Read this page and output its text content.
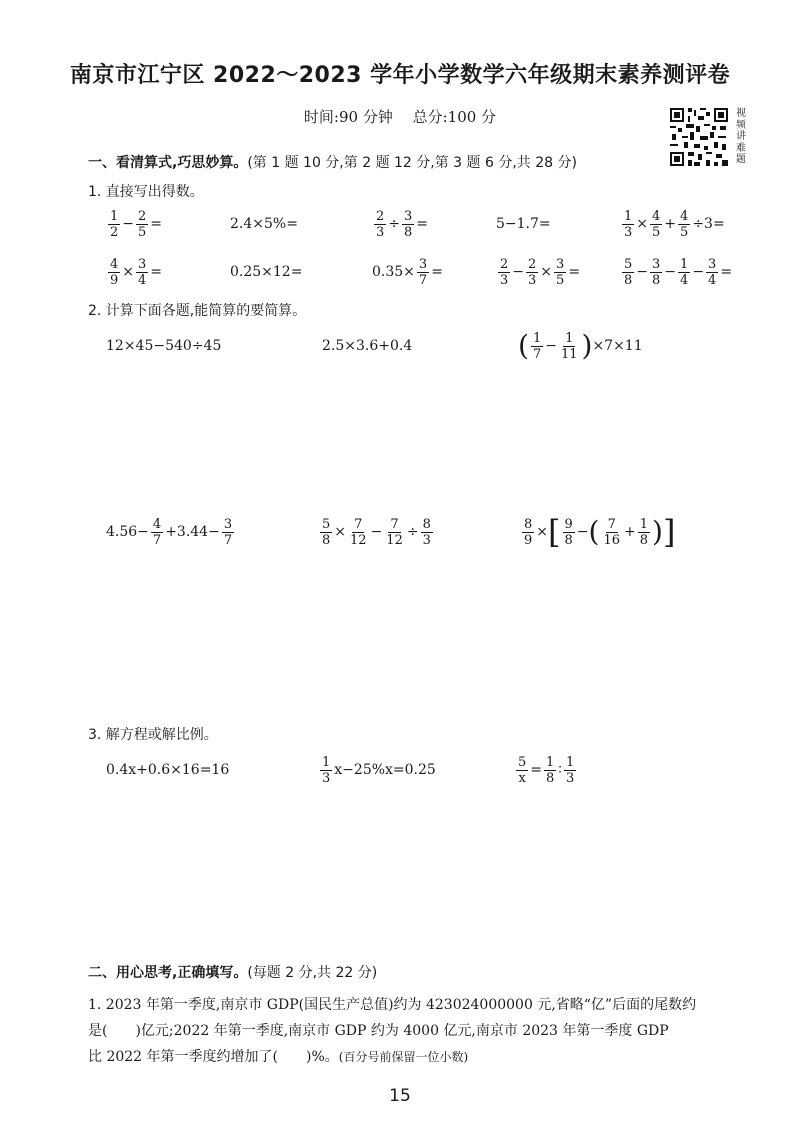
南京市江宁区 2022～2023 学年小学数学六年级期末素养测评卷
时间:90 分钟　 总分:100 分	视频讲难题
一、看清算式,巧思妙算。(第 1 题 10 分,第 2 题 12 分,第 3 题 6 分,共 28 分)
1. 直接写出得数。
$\frac{1}{2} - \frac{2}{5}$ =	2.4×5%=	$\frac{2}{3} \div \frac{3}{8}$ =	5−1.7=	$\frac{1}{3} \times \frac{4}{5} + \frac{4}{5} \div 3=$
$\frac{4}{9} \times \frac{3}{4}$ =	0.25×12=	$0.35\times \frac{3}{7}$ =	$\frac{2}{3} - \frac{2}{3} \times \frac{3}{5}$ =	$\frac{5}{8} - \frac{3}{8} - \frac{1}{4} - \frac{3}{4}$ =
2. 计算下面各题,能简算的要简算。
12×45−540÷45	2.5×3.6+0.4	( $\frac{1}{7} - \frac{1}{11}$ ) ×7×11
$4.56- \frac{4}{7} +3.44- \frac{3}{7}$	$\frac{5}{8} \times \frac{7}{12} - \frac{7}{12} \div \frac{8}{3}$	$\frac{8}{9}$ × [ $\frac{9}{8}$ − ( $\frac{7}{16} + \frac{1}{8}$ ) ]
3. 解方程或解比例。
0.4x+0.6×16=16	$\frac{1}{3} x-25\%x=0.25$	$\frac{5}{x} = \frac{1}{8}$ ∶ $\frac{1}{3}$
二、用心思考,正确填写。(每题 2 分,共 22 分)
1. 2023 年第一季度,南京市 GDP(国民生产总值)约为 423024000000 元,省略“亿”后面的尾数约
是( )亿元;2022 年第一季度,南京市 GDP 约为 4000 亿元,南京市 2023 年第一季度 GDP
比 2022 年第一季度约增加了( )%。(百分号前保留一位小数)
15
